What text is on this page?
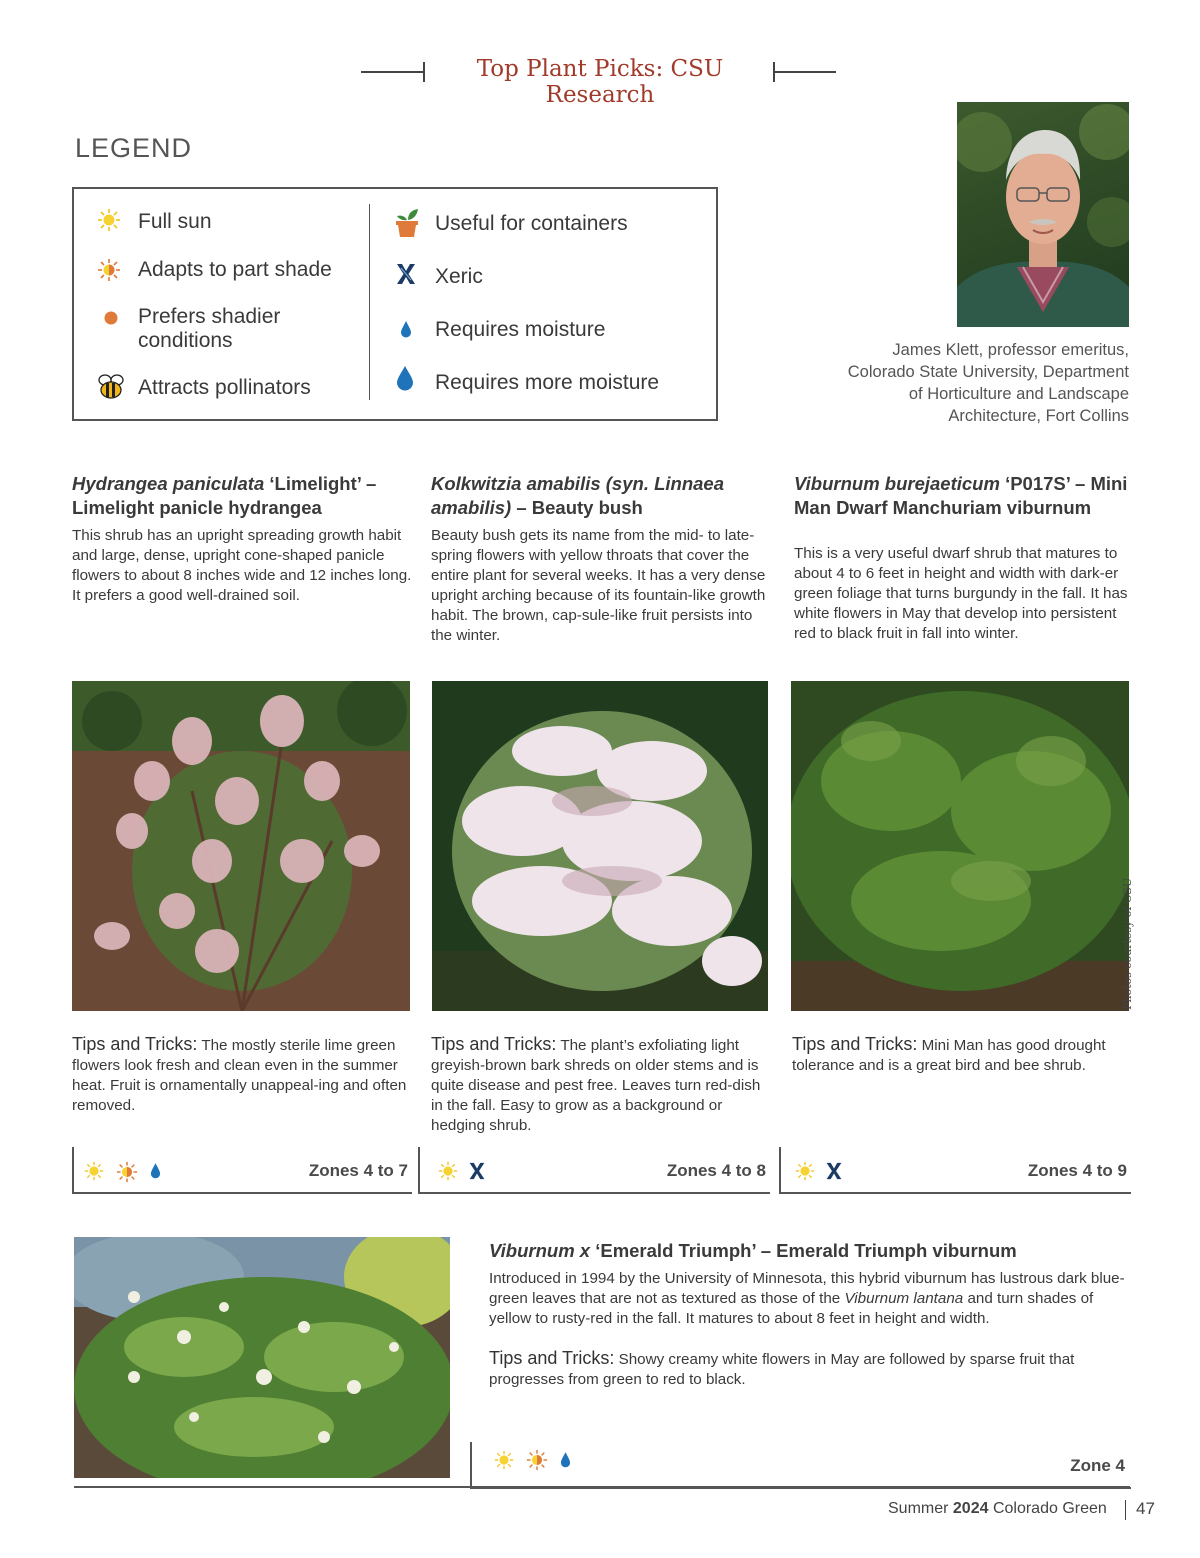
Top Plant Picks: CSU Research
LEGEND
Full sun
Adapts to part shade
Prefers shadier conditions
Attracts pollinators
Useful for containers
Xeric
Requires moisture
Requires more moisture
James Klett, professor emeritus,
Colorado State University, Department
of Horticulture and Landscape
Architecture, Fort Collins
Hydrangea paniculata ‘Limelight’ – Limelight panicle hydrangea
This shrub has an upright spreading growth habit and large, dense, upright cone-shaped panicle flowers to about 8 inches wide and 12 inches long. It prefers a good well-drained soil.
Kolkwitzia amabilis (syn. Linnaea amabilis) – Beauty bush
Beauty bush gets its name from the mid- to late-spring flowers with yellow throats that cover the entire plant for several weeks. It has a very dense upright arching because of its fountain-like growth habit. The brown, cap-sule-like fruit persists into the winter.
Viburnum burejaeticum ‘P017S’ – Mini Man Dwarf Manchuriam viburnum
This is a very useful dwarf shrub that matures to about 4 to 6 feet in height and width with dark-er green foliage that turns burgundy in the fall. It has white flowers in May that develop into persistent red to black fruit in fall into winter.
Photos courtesy of CSU
Tips and Tricks: The mostly sterile lime green flowers look fresh and clean even in the summer heat. Fruit is ornamentally unappeal-ing and often removed.
Tips and Tricks: The plant’s exfoliating light greyish-brown bark shreds on older stems and is quite disease and pest free. Leaves turn red-dish in the fall. Easy to grow as a background or hedging shrub.
Tips and Tricks: Mini Man has good drought tolerance and is a great bird and bee shrub.
Zones 4 to 7	Zones 4 to 8	Zones 4 to 9
Viburnum x ‘Emerald Triumph’ – Emerald Triumph viburnum
Introduced in 1994 by the University of Minnesota, this hybrid viburnum has lustrous dark blue-green leaves that are not as textured as those of the Viburnum lantana and turn shades of yellow to rusty-red in the fall. It matures to about 8 feet in height and width.
Tips and Tricks: Showy creamy white flowers in May are followed by sparse fruit that progresses from green to red to black.
Zone 4
Summer 2024 Colorado Green 47
